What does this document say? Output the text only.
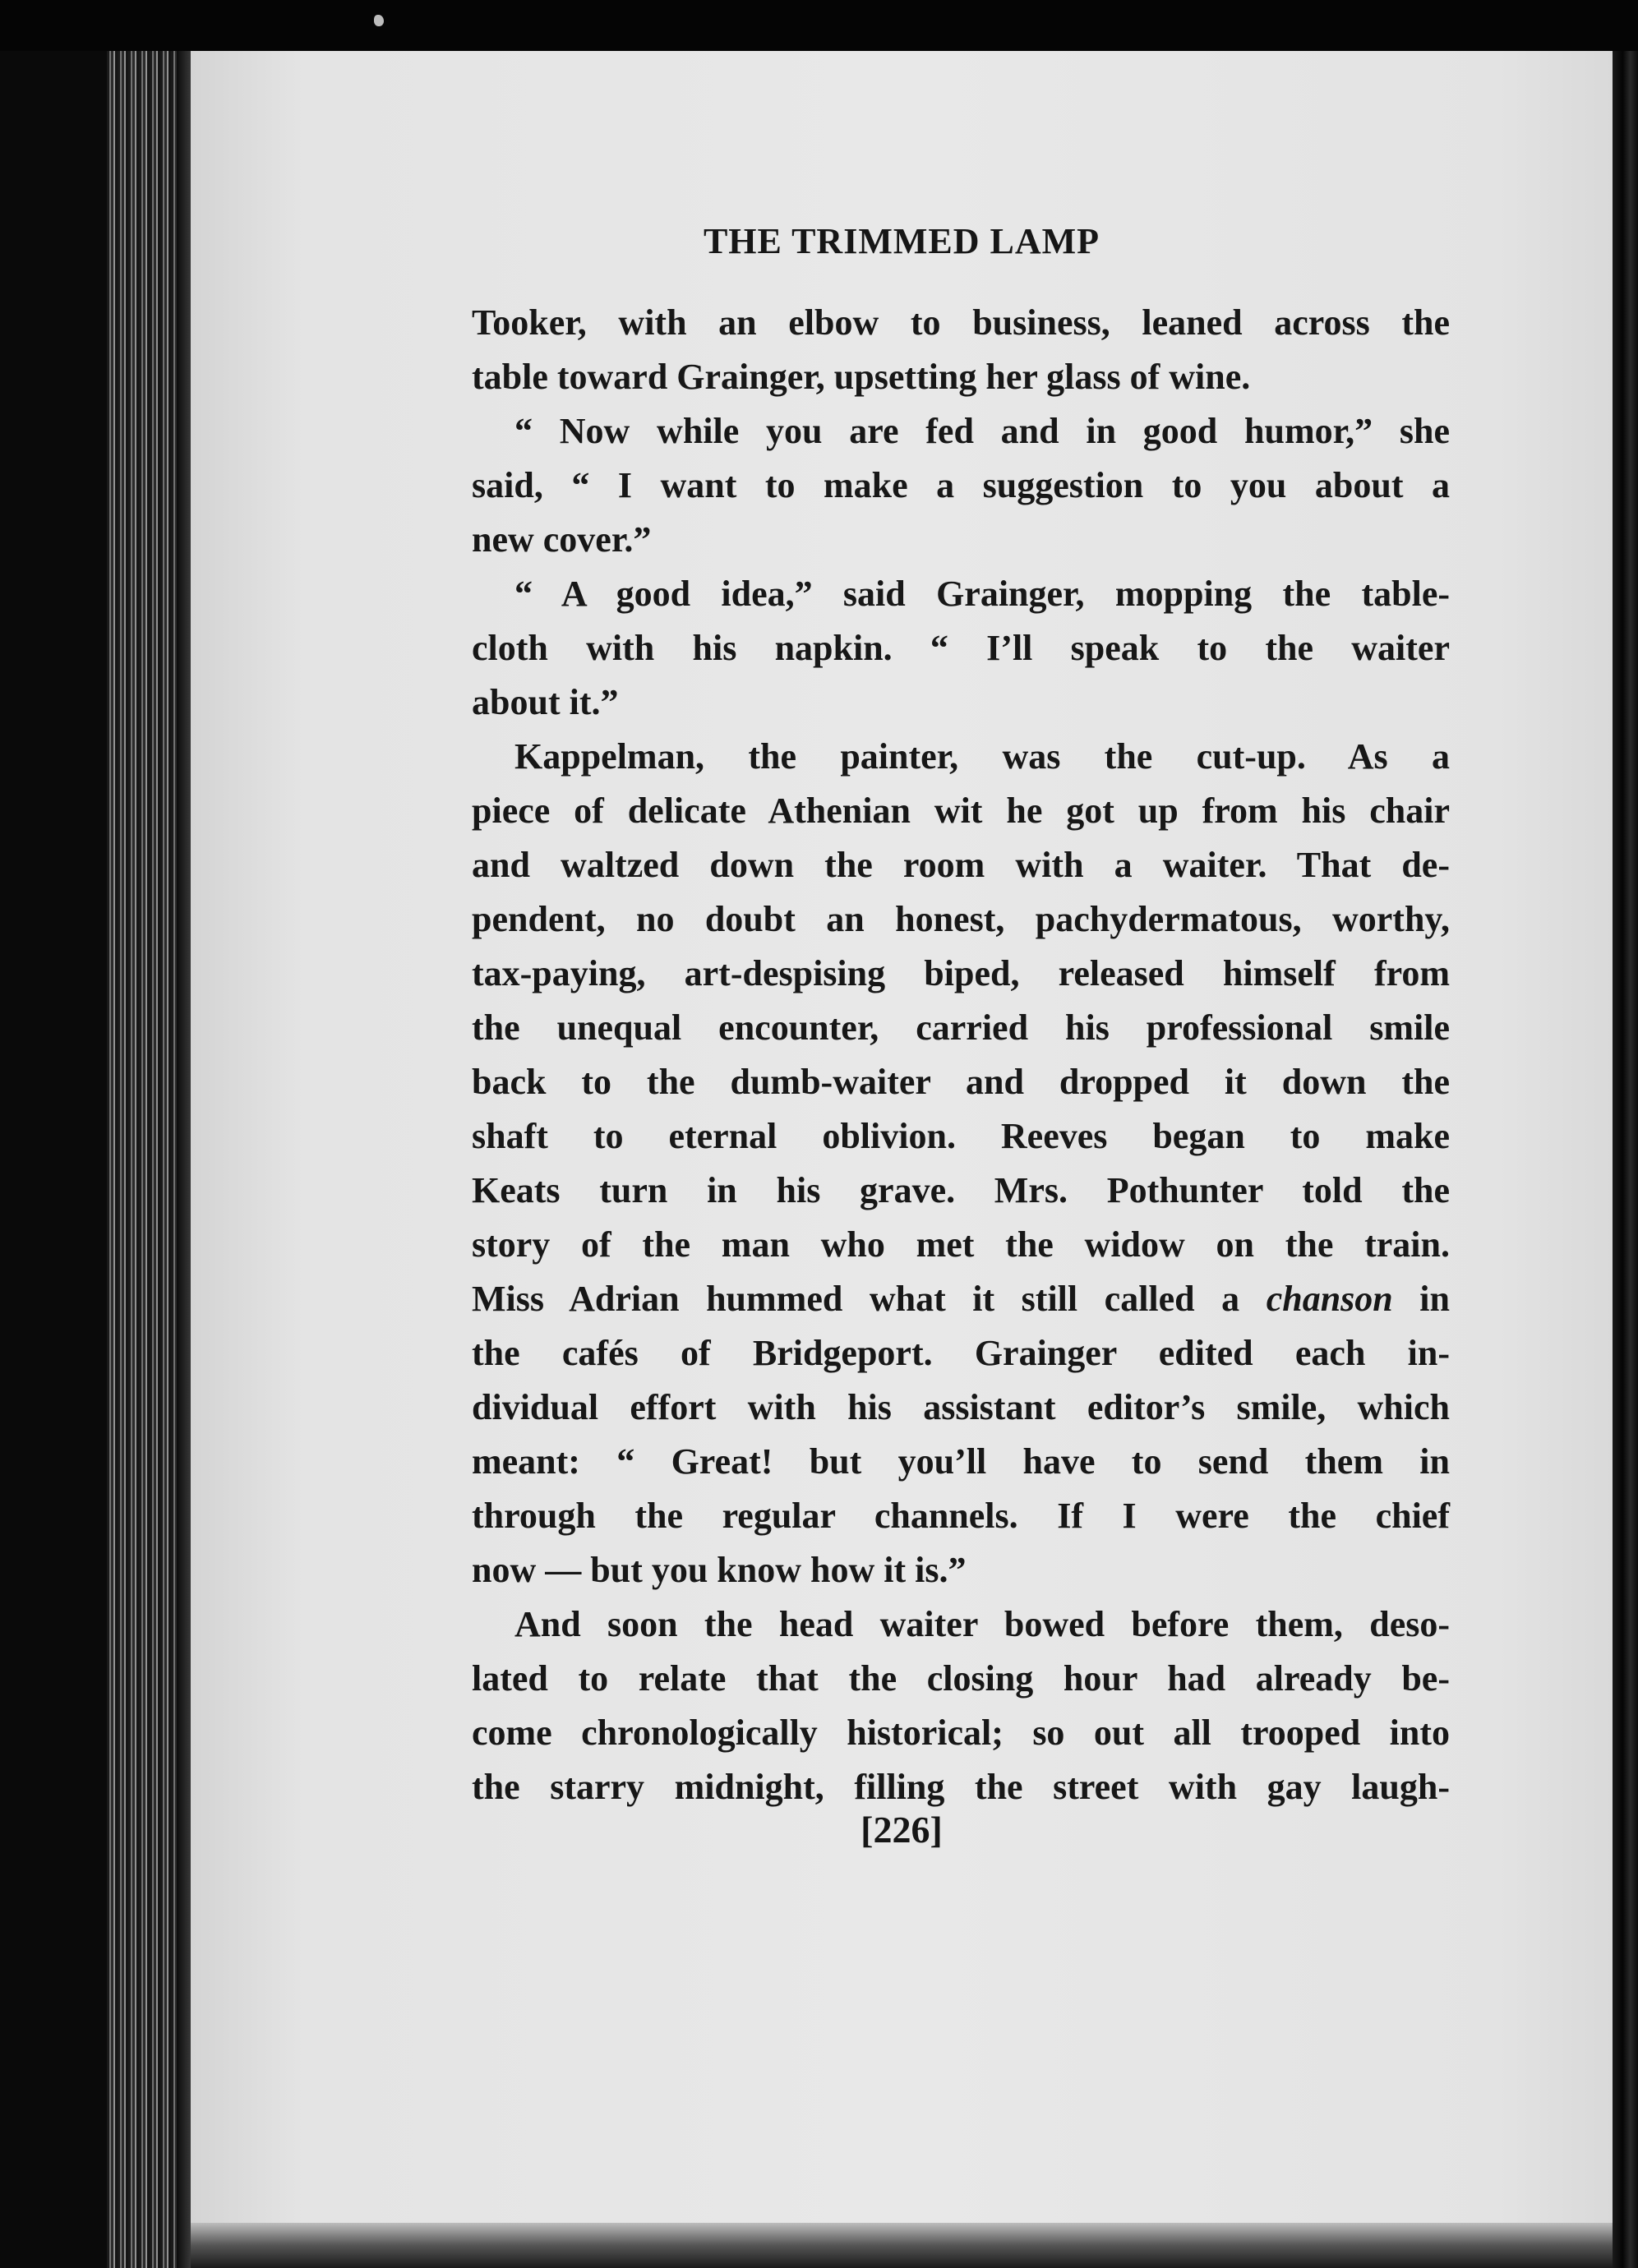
THE TRIMMED LAMP
Tooker, with an elbow to business, leaned across the
table toward Grainger, upsetting her glass of wine.
“ Now while you are fed and in good humor,” she
said, “ I want to make a suggestion to you about a
new cover.”
“ A good idea,” said Grainger, mopping the table-
cloth with his napkin. “ I’ll speak to the waiter
about it.”
Kappelman, the painter, was the cut-up. As a
piece of delicate Athenian wit he got up from his chair
and waltzed down the room with a waiter. That de-
pendent, no doubt an honest, pachydermatous, worthy,
tax-paying, art-despising biped, released himself from
the unequal encounter, carried his professional smile
back to the dumb-waiter and dropped it down the
shaft to eternal oblivion. Reeves began to make
Keats turn in his grave. Mrs. Pothunter told the
story of the man who met the widow on the train.
Miss Adrian hummed what it still called a chanson in
the cafés of Bridgeport. Grainger edited each in-
dividual effort with his assistant editor’s smile, which
meant: “ Great! but you’ll have to send them in
through the regular channels. If I were the chief
now — but you know how it is.”
And soon the head waiter bowed before them, deso-
lated to relate that the closing hour had already be-
come chronologically historical; so out all trooped into
the starry midnight, filling the street with gay laugh-
[226]
